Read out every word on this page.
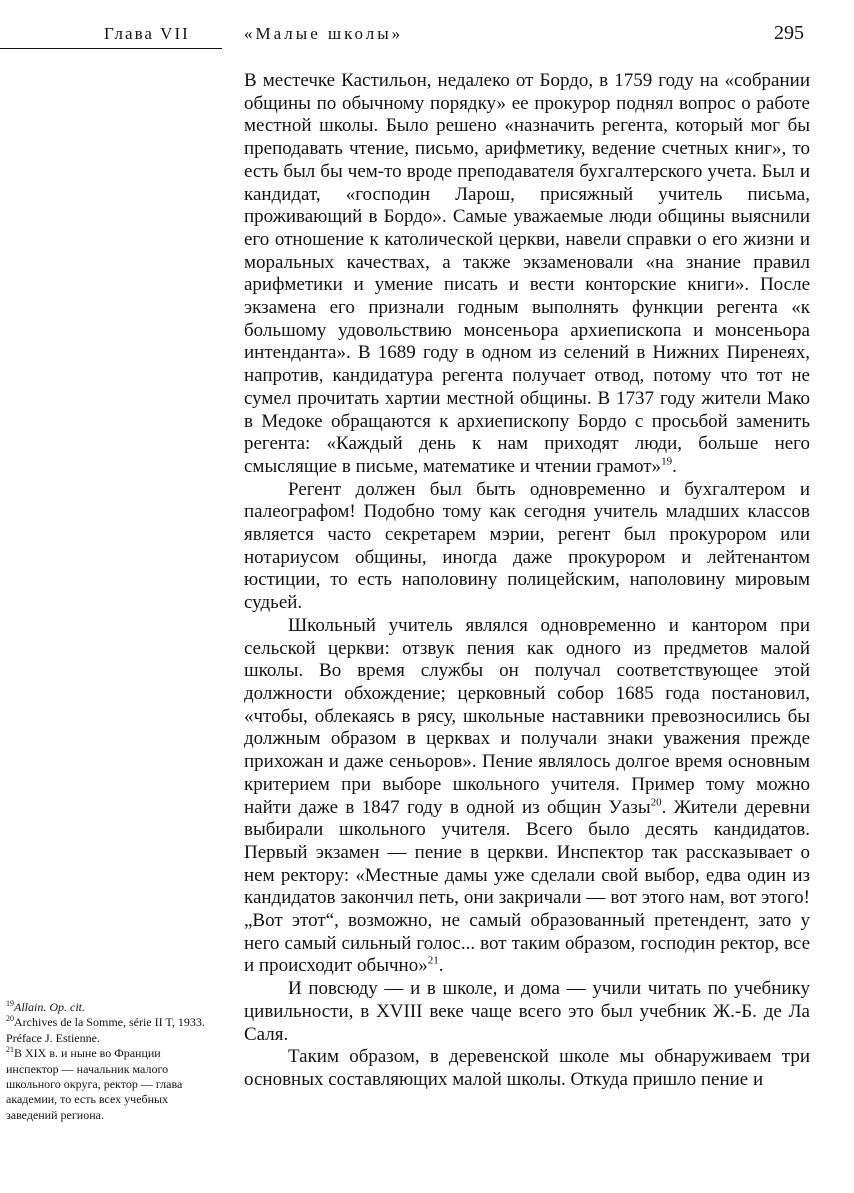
Глава VII	«Малые школы»	295

В местечке Кастильон, недалеко от Бордо, в 1759 году на «собрании общины по обычному порядку» ее прокурор поднял вопрос о работе местной школы. Было решено «назначить регента, который мог бы преподавать чтение, письмо, арифметику, ведение счетных книг», то есть был бы чем-то вроде преподавателя бухгалтерского учета. Был и кандидат, «господин Ларош, присяжный учитель письма, проживающий в Бордо». Самые уважаемые люди общины выяснили его отношение к католической церкви, навели справки о его жизни и моральных качествах, а также экзаменовали «на знание правил арифметики и умение писать и вести конторские книги». После экзамена его признали годным выполнять функции регента «к большому удовольствию монсеньора архиепископа и монсеньора интенданта». В 1689 году в одном из селений в Нижних Пиренеях, напротив, кандидатура регента получает отвод, потому что тот не сумел прочитать хартии местной общины. В 1737 году жители Мако в Медоке обращаются к архиепископу Бордо с просьбой заменить регента: «Каждый день к нам приходят люди, больше него смыслящие в письме, математике и чтении грамот»$^{19}$.

Регент должен был быть одновременно и бухгалтером и палеографом! Подобно тому как сегодня учитель младших классов является часто секретарем мэрии, регент был прокурором или нотариусом общины, иногда даже прокурором и лейтенантом юстиции, то есть наполовину полицейским, наполовину мировым судьей.

Школьный учитель являлся одновременно и кантором при сельской церкви: отзвук пения как одного из предметов малой школы. Во время службы он получал соответствующее этой должности обхождение; церковный собор 1685 года постановил, «чтобы, облекаясь в рясу, школьные наставники превозносились бы должным образом в церквах и получали знаки уважения прежде прихожан и даже сеньоров». Пение являлось долгое время основным критерием при выборе школьного учителя. Пример тому можно найти даже в 1847 году в одной из общин Уазы$^{20}$. Жители деревни выбирали школьного учителя. Всего было десять кандидатов. Первый экзамен — пение в церкви. Инспектор так рассказывает о нем ректору: «Местные дамы уже сделали свой выбор, едва один из кандидатов закончил петь, они закричали — вот этого нам, вот этого! „Вот этот“, возможно, не самый образованный претендент, зато у него самый сильный голос... вот таким образом, господин ректор, все и происходит обычно»$^{21}$.

И повсюду — и в школе, и дома — учили читать по учебнику цивильности, в XVIII веке чаще всего это был учебник Ж.-Б. де Ла Саля.

Таким образом, в деревенской школе мы обнаруживаем три основных составляющих малой школы. Откуда пришло пение и

$^{19}$Allain. Op. cit.

$^{20}$Archives de la Somme, série II T, 1933. Préface J. Estienne.

$^{21}$В XIX в. и ныне во Франции инспектор — начальник малого школьного округа, ректор — глава академии, то есть всех учебных заведений региона.
